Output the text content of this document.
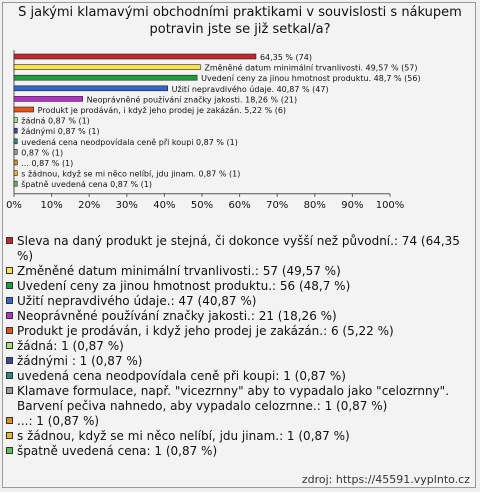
S jakými klamavými obchodními praktikami v souvislosti s nákupem potravin jste se již setkal/a?
64,35 % (74)
Změněné datum minimální trvanlivosti. 49,57 % (57)
Uvedení ceny za jinou hmotnost produktu. 48,7 % (56)
Užití nepravdivého údaje. 40,87 % (47)
Neoprávněné používání značky jakosti. 18,26 % (21)
Produkt je prodáván, i když jeho prodej je zakázán. 5,22 % (6)
žádná 0,87 % (1)
žádnými 0,87 % (1)
uvedená cena neodpovídala ceně při koupi 0,87 % (1)
0,87 % (1)
... 0,87 % (1)
s žádnou, když se mi něco nelíbí, jdu jinam. 0,87 % (1)
špatně uvedená cena 0,87 % (1)
0% 10% 20% 30% 40% 50% 60% 70% 80% 90% 100%
Sleva na daný produkt je stejná, či dokonce vyšší než původní.: 74 (64,35 %)
Změněné datum minimální trvanlivosti.: 57 (49,57 %)
Uvedení ceny za jinou hmotnost produktu.: 56 (48,7 %)
Užití nepravdivého údaje.: 47 (40,87 %)
Neoprávněné používání značky jakosti.: 21 (18,26 %)
Produkt je prodáván, i když jeho prodej je zakázán.: 6 (5,22 %)
žádná: 1 (0,87 %)
žádnými : 1 (0,87 %)
uvedená cena neodpovídala ceně při koupi: 1 (0,87 %)
Klamave formulace, např. "vicezrnny" aby to vypadalo jako "celozrnny". Barvení pečiva nahnedo, aby vypadalo celozrnne.: 1 (0,87 %)
...: 1 (0,87 %)
s žádnou, když se mi něco nelíbí, jdu jinam.: 1 (0,87 %)
špatně uvedená cena: 1 (0,87 %)
zdroj: https://45591.vyplnto.cz
